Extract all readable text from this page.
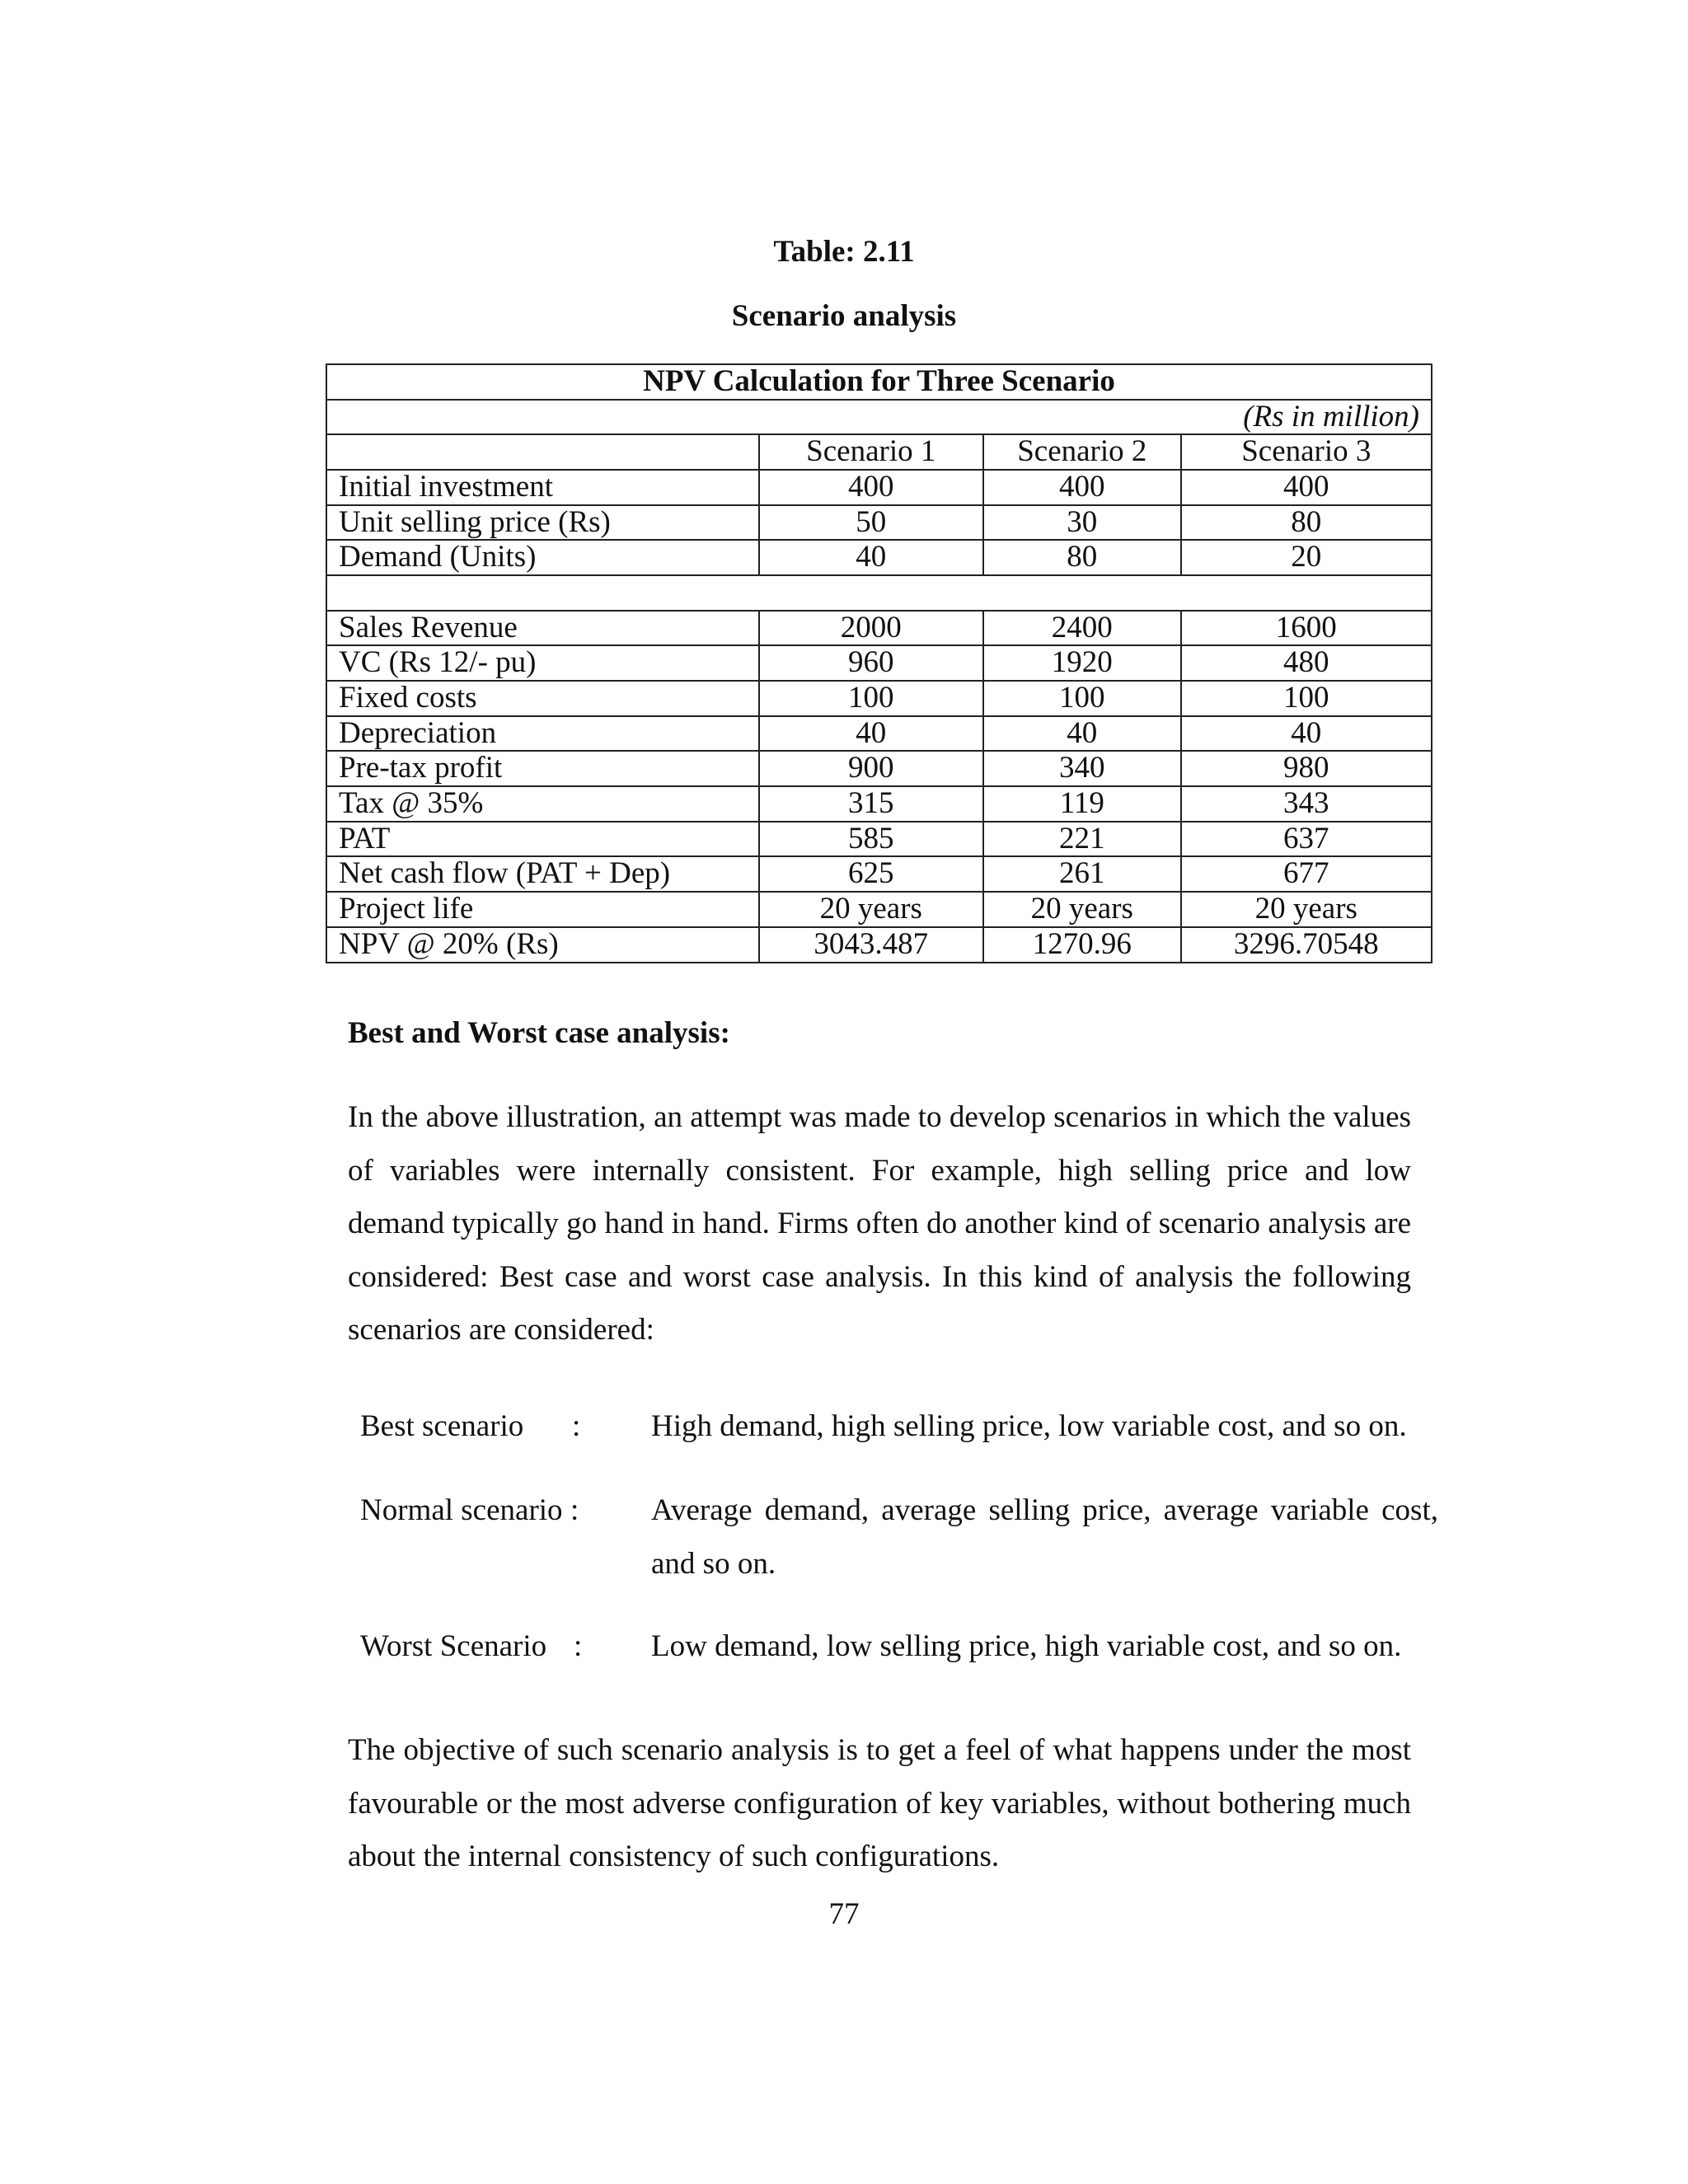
Table: 2.11
Scenario analysis
NPV Calculation for Three Scenario			
(Rs in million)			
	Scenario 1	Scenario 2	Scenario 3
Initial investment	400	400	400
Unit selling price (Rs)	50	30	80
Demand (Units)	40	80	20

Sales Revenue	2000	2400	1600
VC (Rs 12/- pu)	960	1920	480
Fixed costs	100	100	100
Depreciation	40	40	40
Pre-tax profit	900	340	980
Tax @ 35%	315	119	343
PAT	585	221	637
Net cash flow (PAT + Dep)	625	261	677
Project life	20 years	20 years	20 years
NPV @ 20% (Rs)	3043.487	1270.96	3296.70548
Best and Worst case analysis:
In the above illustration, an attempt was made to develop scenarios in which the values of variables were internally consistent. For example, high selling price and low demand typically go hand in hand. Firms often do another kind of scenario analysis are considered: Best case and worst case analysis. In this kind of analysis the following scenarios are considered:
Best scenario : High demand, high selling price, low variable cost, and so on.
Normal scenario : Average demand, average selling price, average variable cost, and so on.
Worst Scenario : Low demand, low selling price, high variable cost, and so on.
The objective of such scenario analysis is to get a feel of what happens under the most favourable or the most adverse configuration of key variables, without bothering much about the internal consistency of such configurations.
77
